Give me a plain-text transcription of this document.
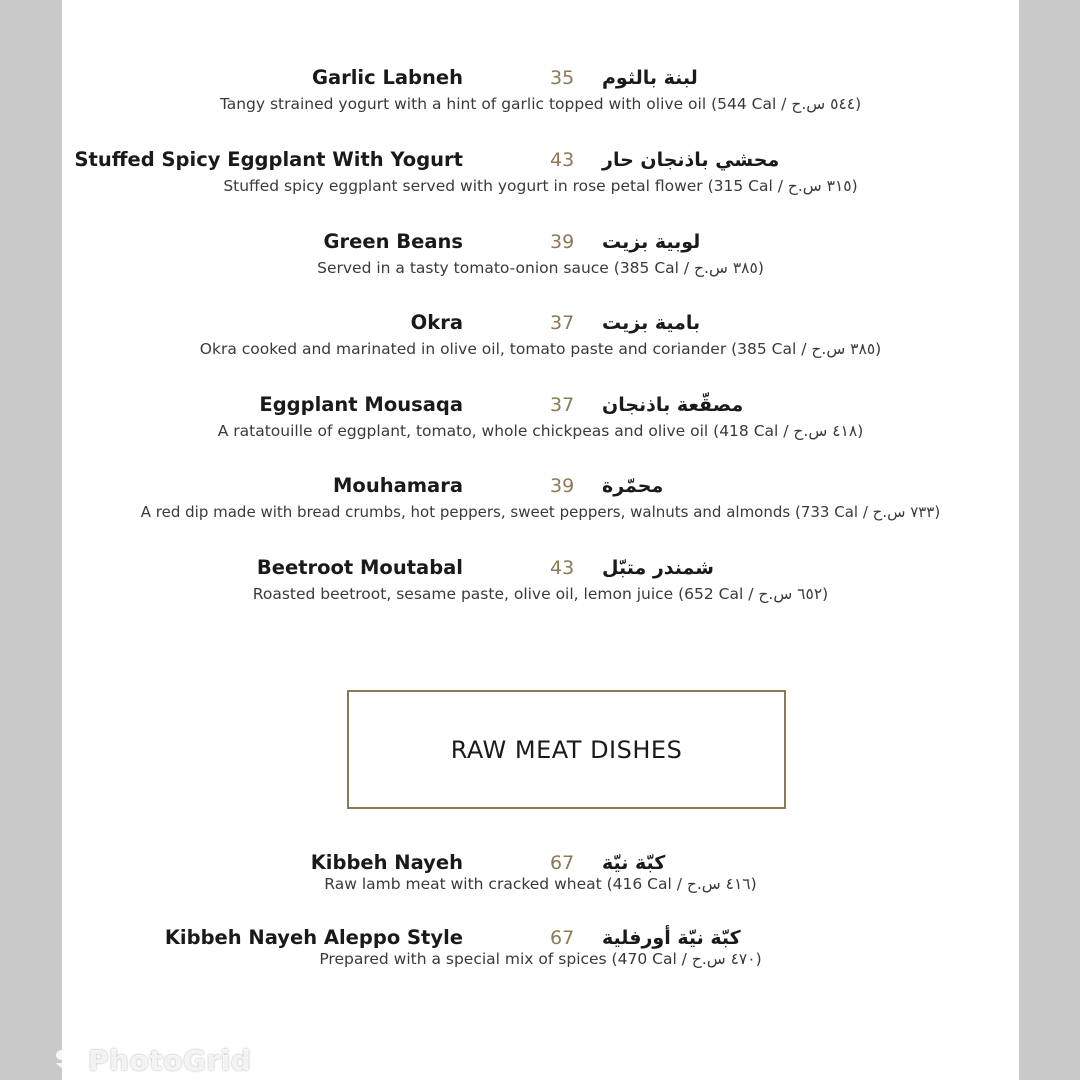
Garlic Labneh	35 لبنة بالثوم
Tangy strained yogurt with a hint of garlic topped with olive oil (544 Cal / ٥٤٤ س.ح)
Stuffed Spicy Eggplant With Yogurt	43 محشي باذنجان حار
Stuffed spicy eggplant served with yogurt in rose petal flower (315 Cal / ٣١٥ س.ح)
Green Beans	39 لوبية بزيت
Served in a tasty tomato-onion sauce (385 Cal / ٣٨٥ س.ح)
Okra	37 بامية بزيت
Okra cooked and marinated in olive oil, tomato paste and coriander (385 Cal / ٣٨٥ س.ح)
Eggplant Mousaqa	37 مصقّعة باذنجان
A ratatouille of eggplant, tomato, whole chickpeas and olive oil (418 Cal / ٤١٨ س.ح)
Mouhamara	39 محمّرة
A red dip made with bread crumbs, hot peppers, sweet peppers, walnuts and almonds (733 Cal / ٧٣٣ س.ح)
Beetroot Moutabal	43 شمندر متبّل
Roasted beetroot, sesame paste, olive oil, lemon juice (652 Cal / ٦٥٢ س.ح)
RAW MEAT DISHES
Kibbeh Nayeh	67 كبّة نيّة
Raw lamb meat with cracked wheat (416 Cal / ٤١٦ س.ح)
Kibbeh Nayeh Aleppo Style	67 كبّة نيّة أورفلية
Prepared with a special mix of spices (470 Cal / ٤٧٠ س.ح)
PhotoGrid
